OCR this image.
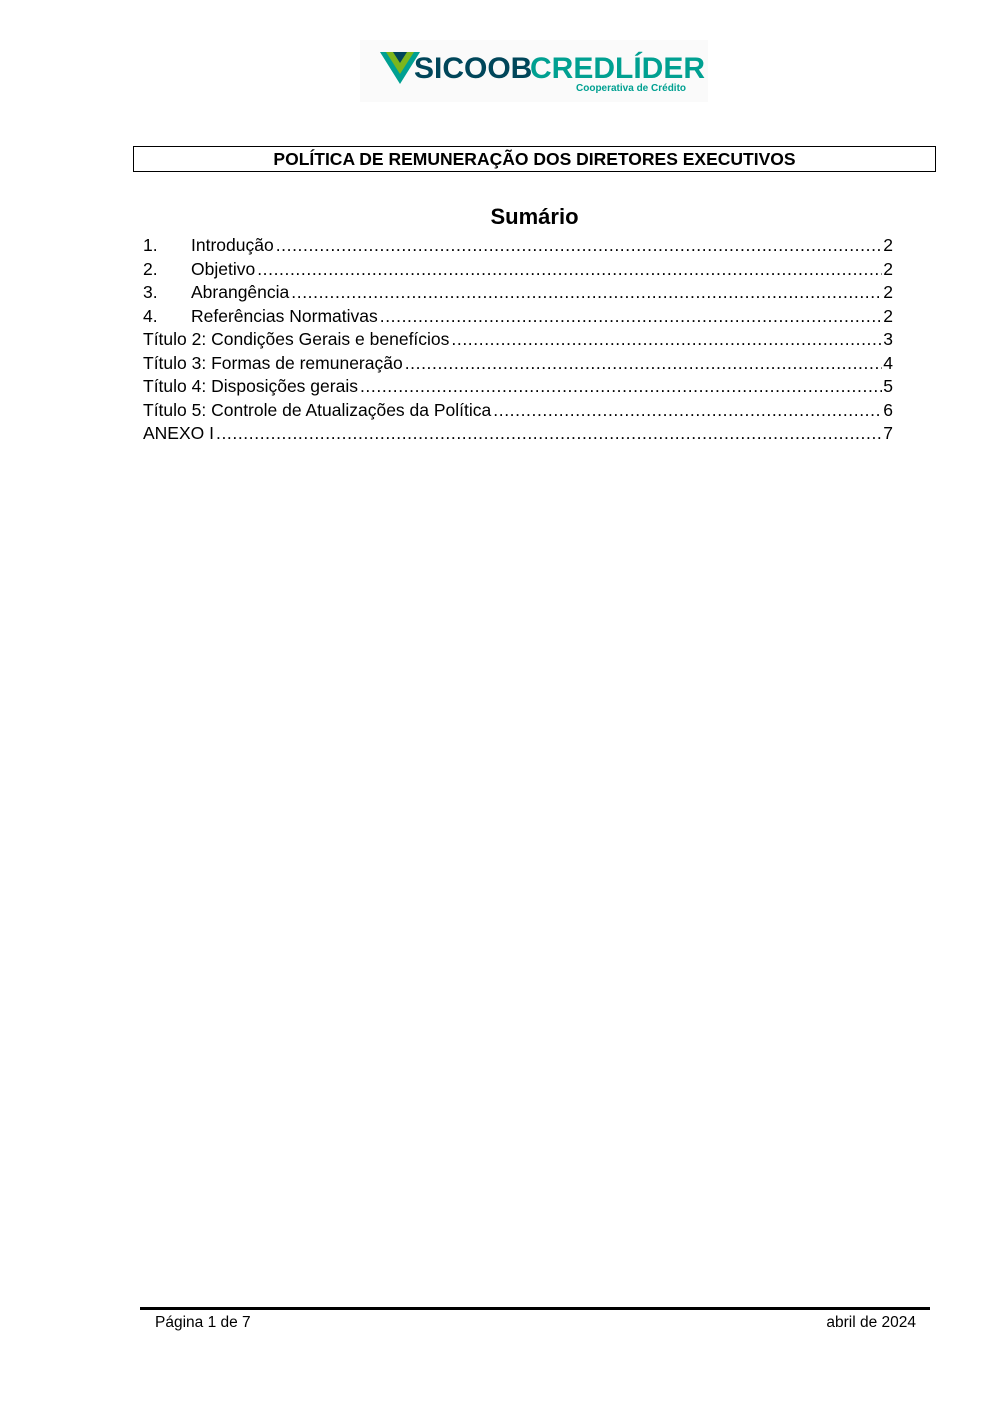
SICOOB
CREDLÍDER
Cooperativa de Crédito
POLÍTICA DE REMUNERAÇÃO DOS DIRETORES EXECUTIVOS
Sumário
1.	Introdução .....	2
2.	Objetivo .....	2
3.	Abrangência .....	2
4.	Referências Normativas .....	2
Título 2: Condições Gerais e benefícios .....	3
Título 3: Formas de remuneração .....	4
Título 4: Disposições gerais .....	5
Título 5: Controle de Atualizações da Política .....	6
ANEXO I .....	7
Página 1 de 7	abril de 2024
